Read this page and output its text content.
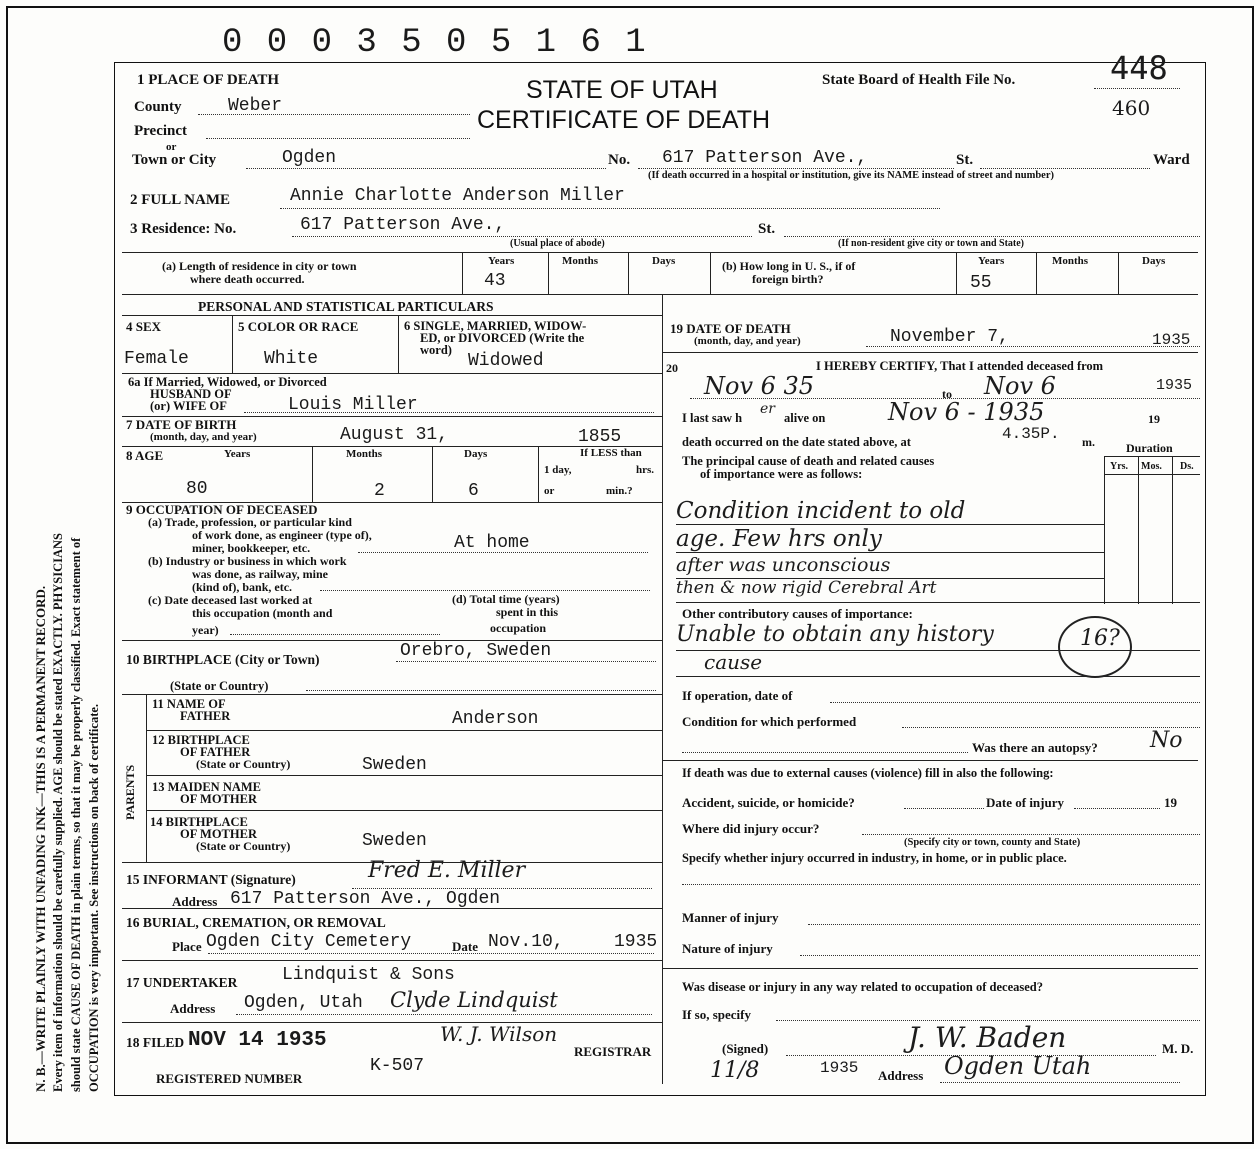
N. B.—WRITE PLAINLY WITH UNFADING INK—THIS IS A PERMANENT RECORD. Every item of information should be carefully supplied. AGE should be stated EXACTLY. PHYSICIANS should state CAUSE OF DEATH in plain terms, so that it may be properly classified. Exact statement of OCCUPATION is very important. See instructions on back of certificate.
0 0 0 3 5 0 5 1 6 1
STATE OF UTAH
CERTIFICATE OF DEATH
State Board of Health File No.	448
460
1 PLACE OF DEATH
County	Weber
Precinct
or
Town or City	Ogden	No. 617 Patterson Ave.,	St.	Ward
(If death occurred in a hospital or institution, give its NAME instead of street and number)
2 FULL NAME	Annie Charlotte Anderson Miller
3 Residence: No.	617 Patterson Ave.,	St.
(Usual place of abode)	(If non-resident give city or town and State)
(a) Length of residence in city or town
where death occurred.
Years	Months	Days
43
(b) How long in U. S., if of
foreign birth?
Years	Months	Days
55
PERSONAL AND STATISTICAL PARTICULARS
4 SEX	5 COLOR OR RACE	6 SINGLE, MARRIED, WIDOW-
ED, or DIVORCED (Write the
word)
Female	White	Widowed
6a If Married, Widowed, or Divorced
HUSBAND OF
(or) WIFE OF	Louis Miller
7 DATE OF BIRTH
(month, day, and year)	August 31,	1855
8 AGE	Years	Months	Days	If LESS than
1 day,	hrs.
or	min.?
80	2	6
9 OCCUPATION OF DECEASED
(a) Trade, profession, or particular kind
of work done, as engineer (type of),
miner, bookkeeper, etc.	At home
(b) Industry or business in which work
was done, as railway, mine
(kind of), bank, etc.
(c) Date deceased last worked at
this occupation (month and
year)
(d) Total time (years)
spent in this
occupation
10 BIRTHPLACE (City or Town)	Orebro, Sweden
(State or Country)
PARENTS
11 NAME OF
FATHER	Anderson
12 BIRTHPLACE
OF FATHER
(State or Country)	Sweden
13 MAIDEN NAME
OF MOTHER
14 BIRTHPLACE
OF MOTHER
(State or Country)	Sweden
15 INFORMANT (Signature)	Fred E. Miller
Address 617 Patterson Ave., Ogden
16 BURIAL, CREMATION, OR REMOVAL
Place Ogden City Cemetery	Date Nov.10,	1935
17 UNDERTAKER Lindquist & Sons
Address Ogden, Utah Clyde Lindquist
18 FILED NOV 14 1935	W. J. Wilson
REGISTRAR
REGISTERED NUMBER
K-507
19 DATE OF DEATH
(month, day, and year)	November 7,	1935
20	I HEREBY CERTIFY, That I attended deceased from
Nov 6 35	to Nov 6	1935
I last saw h
er
alive on	Nov 6 - 1935	19
death occurred on the date stated above, at	4.35P. m.
The principal cause of death and related causes
of importance were as follows:
Duration
Yrs. Mos. Ds.
Condition incident to old
age. Few hrs only
after was unconscious
then & now rigid Cerebral Art
Other contributory causes of importance:
Unable to obtain any history
cause
16?
If operation, date of
Condition for which performed
Was there an autopsy? No
If death was due to external causes (violence) fill in also the following:
Accident, suicide, or homicide?	Date of injury	19
Where did injury occur?
(Specify city or town, county and State)
Specify whether injury occurred in industry, in home, or in public place.
Manner of injury
Nature of injury
Was disease or injury in any way related to occupation of deceased?
If so, specify
(Signed)	J. W. Baden	M. D.
11/8	1935 Address Ogden Utah
